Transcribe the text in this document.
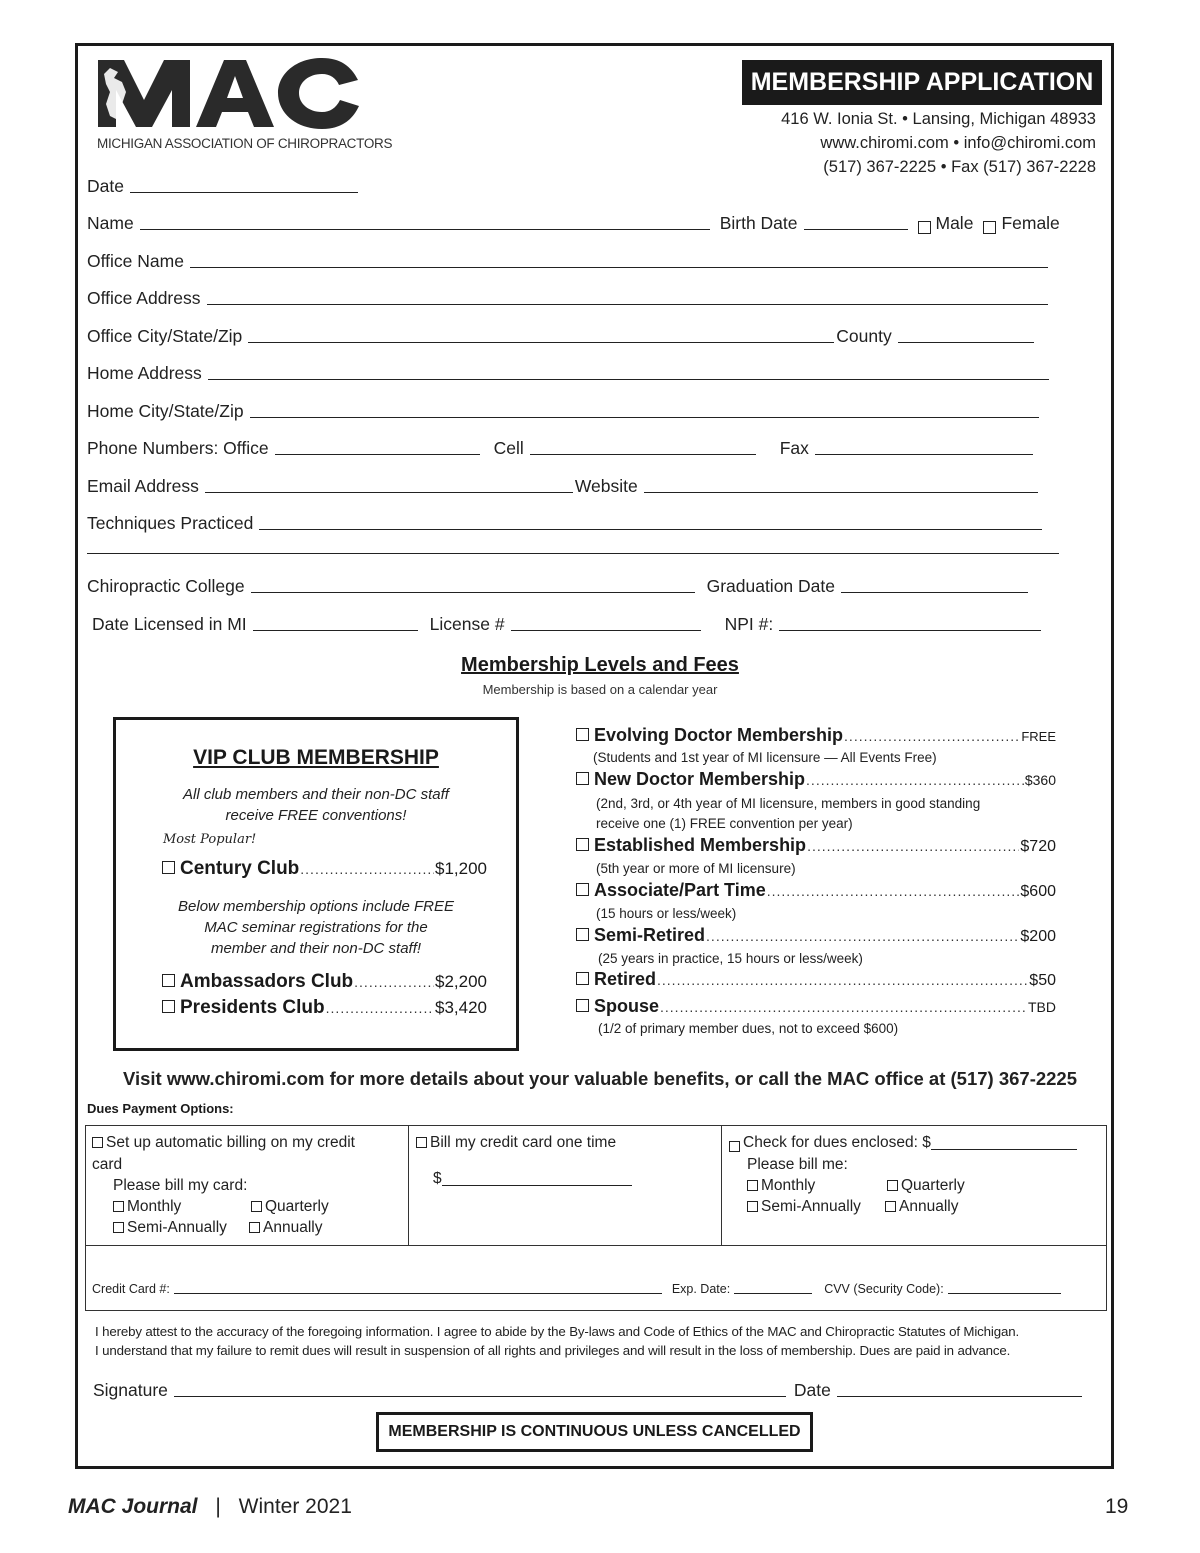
MICHIGAN ASSOCIATION OF CHIROPRACTORS
MEMBERSHIP APPLICATION
416 W. Ionia St. • Lansing, Michigan 48933
www.chiromi.com • info@chiromi.com
(517) 367-2225 • Fax (517) 367-2228
Date
Name	Birth Date	Male Female
Office Name
Office Address
Office City/State/Zip	County
Home Address
Home City/State/Zip
Phone Numbers: Office	Cell	Fax
Email Address	Website
Techniques Practiced
Chiropractic College	Graduation Date
Date Licensed in MI	License #	NPI #:
Membership Levels and Fees
Membership is based on a calendar year
VIP CLUB MEMBERSHIP
All club members and their non-DC staff
receive FREE conventions!
Most Popular!
Century Club .....	$1,200
Below membership options include FREE
MAC seminar registrations for the
member and their non-DC staff!
Ambassadors Club .....	$2,200
Presidents Club .....	$3,420
Evolving Doctor Membership .....	FREE
(Students and 1st year of MI licensure — All Events Free)
New Doctor Membership .....	$360
(2nd, 3rd, or 4th year of MI licensure, members in good standing
receive one (1) FREE convention per year)
Established Membership .....	$720
(5th year or more of MI licensure)
Associate/Part Time .....	$600
(15 hours or less/week)
Semi-Retired .....	$200
(25 years in practice, 15 hours or less/week)
Retired .....	$50
Spouse .....	TBD
(1/2 of primary member dues, not to exceed $600)
Visit www.chiromi.com for more details about your valuable benefits, or call the MAC office at (517) 367-2225
Dues Payment Options:
Set up automatic billing on my credit
card
Please bill my card:
Monthly	Quarterly
Semi-Annually	Annually
Bill my credit card one time
$
Check for dues enclosed: $
Please bill me:
Monthly	Quarterly
Semi-Annually	Annually
Credit Card #:	Exp. Date:	CVV (Security Code):
I hereby attest to the accuracy of the foregoing information. I agree to abide by the By-laws and Code of Ethics of the MAC and Chiropractic Statutes of Michigan.
I understand that my failure to remit dues will result in suspension of all rights and privileges and will result in the loss of membership. Dues are paid in advance.
Signature	Date
MEMBERSHIP IS CONTINUOUS UNLESS CANCELLED
MAC Journal | Winter 2021	19
